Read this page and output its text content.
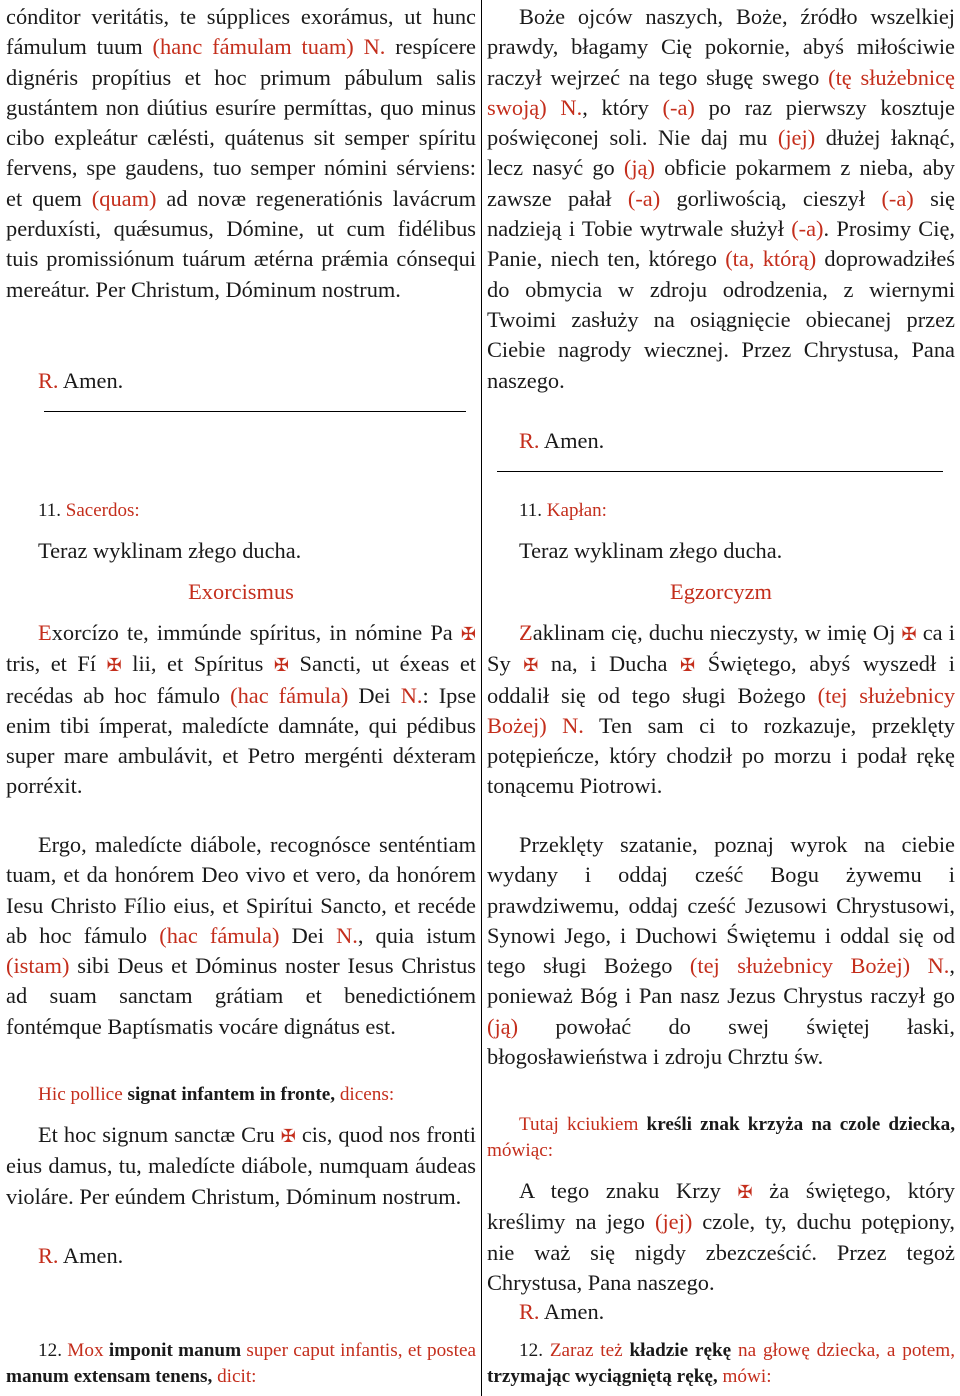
cónditor veritátis, te súpplices exorámus, ut hunc fámulum tuum (hanc fámulam tuam) N. respícere dignéris propítius et hoc primum pábulum salis gustántem non diútius esuríre permíttas, quo minus cibo expleátur cælésti, quátenus sit semper spíritu fervens, spe gaudens, tuo semper nómini sérviens: et quem (quam) ad novæ regeneratiónis lavácrum perduxísti, quǽsumus, Dómine, ut cum fidélibus tuis promissiónum tuárum ætérna prǽmia cónsequi mereátur. Per Christum, Dóminum nostrum.

R. Amen.

11. Sacerdos:

Teraz wyklinam złego ducha.

Exorcismus

Exorcízo te, immúnde spíritus, in nómine Pa ✠ tris, et Fí ✠ lii, et Spíritus ✠ Sancti, ut éxeas et recédas ab hoc fámulo (hac fámula) Dei N.: Ipse enim tibi ímperat, maledícte damnáte, qui pédibus super mare ambulávit, et Petro mergénti déxteram porréxit.

Ergo, maledícte diábole, recognósce senténtiam tuam, et da honórem Deo vivo et vero, da honórem Iesu Christo Fílio eius, et Spirítui Sancto, et recéde ab hoc fámulo (hac fámula) Dei N., quia istum (istam) sibi Deus et Dóminus noster Iesus Christus ad suam sanctam grátiam et benedictiónem fontémque Baptísmatis vocáre dignátus est.

Hic pollice signat infantem in fronte, dicens:

Et hoc signum sanctæ Cru ✠ cis, quod nos fronti eius damus, tu, maledícte diábole, numquam áudeas violáre. Per eúndem Christum, Dóminum nostrum.

R. Amen.

12. Mox imponit manum super caput infantis, et postea manum extensam tenens, dicit:

Boże ojców naszych, Boże, źródło wszelkiej prawdy, błagamy Cię pokornie, abyś miłościwie raczył wejrzeć na tego sługę swego (tę służebnicę swoją) N., który (-a) po raz pierwszy kosztuje poświęconej soli. Nie daj mu (jej) dłużej łaknąć, lecz nasyć go (ją) obficie pokarmem z nieba, aby zawsze pałał (-a) gorliwością, cieszył (-a) się nadzieją i Tobie wytrwale służył (-a). Prosimy Cię, Panie, niech ten, którego (ta, którą) doprowadziłeś do obmycia w zdroju odrodzenia, z wiernymi Twoimi zasłuży na osiągnięcie obiecanej przez Ciebie nagrody wiecznej. Przez Chrystusa, Pana naszego.

R. Amen.

11. Kapłan:

Teraz wyklinam złego ducha.

Egzorcyzm

Zaklinam cię, duchu nieczysty, w imię Oj ✠ ca i Sy ✠ na, i Ducha ✠ Świętego, abyś wyszedł i oddalił się od tego sługi Bożego (tej służebnicy Bożej) N. Ten sam ci to rozkazuje, przeklęty potępieńcze, który chodził po morzu i podał rękę tonącemu Piotrowi.

Przeklęty szatanie, poznaj wyrok na ciebie wydany i oddaj cześć Bogu żywemu i prawdziwemu, oddaj cześć Jezusowi Chrystusowi, Synowi Jego, i Duchowi Świętemu i oddal się od tego sługi Bożego (tej służebnicy Bożej) N., ponieważ Bóg i Pan nasz Jezus Chrystus raczył go (ją) powołać do swej świętej łaski, błogosławieństwa i zdroju Chrztu św.

Tutaj kciukiem kreśli znak krzyża na czole dziecka, mówiąc:

A tego znaku Krzy ✠ ża świętego, który kreślimy na jego (jej) czole, ty, duchu potępiony, nie waż się nigdy zbezcześcić. Przez tegoż Chrystusa, Pana naszego.

R. Amen.

12. Zaraz też kładzie rękę na głowę dziecka, a potem, trzymając wyciągniętą rękę, mówi:
